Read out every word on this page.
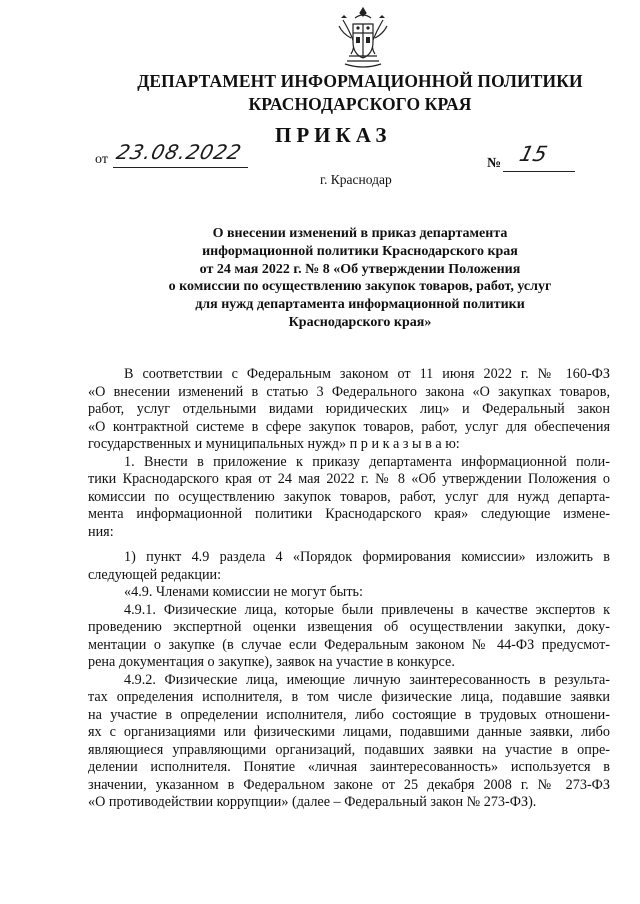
ДЕПАРТАМЕНТ ИНФОРМАЦИОННОЙ ПОЛИТИКИ
КРАСНОДАРСКОГО КРАЯ
ПРИКАЗ
от 23.08.2022	№ 15
г. Краснодар
О внесении изменений в приказ департамента
информационной политики Краснодарского края
от 24 мая 2022 г. № 8 «Об утверждении Положения
о комиссии по осуществлению закупок товаров, работ, услуг
для нужд департамента информационной политики
Краснодарского края»

В соответствии с Федеральным законом от 11 июня 2022 г. № 160-ФЗ

«О внесении изменений в статью 3 Федерального закона «О закупках товаров,

работ, услуг отдельными видами юридических лиц» и Федеральный закон

«О контрактной системе в сфере закупок товаров, работ, услуг для обеспечения

государственных и муниципальных нужд» п р и к а з ы в а ю:

1. Внести в приложение к приказу департамента информационной поли-

тики Краснодарского края от 24 мая 2022 г. № 8 «Об утверждении Положения о

комиссии по осуществлению закупок товаров, работ, услуг для нужд департа-

мента информационной политики Краснодарского края» следующие измене-

ния:

1) пункт 4.9 раздела 4 «Порядок формирования комиссии» изложить в

следующей редакции:

«4.9. Членами комиссии не могут быть:

4.9.1. Физические лица, которые были привлечены в качестве экспертов к

проведению экспертной оценки извещения об осуществлении закупки, доку-

ментации о закупке (в случае если Федеральным законом № 44-ФЗ предусмот-

рена документация о закупке), заявок на участие в конкурсе.

4.9.2. Физические лица, имеющие личную заинтересованность в результа-

тах определения исполнителя, в том числе физические лица, подавшие заявки

на участие в определении исполнителя, либо состоящие в трудовых отношени-

ях с организациями или физическими лицами, подавшими данные заявки, либо

являющиеся управляющими организаций, подавших заявки на участие в опре-

делении исполнителя. Понятие «личная заинтересованность» используется в

значении, указанном в Федеральном законе от 25 декабря 2008 г. № 273-ФЗ

«О противодействии коррупции» (далее – Федеральный закон № 273-ФЗ).
